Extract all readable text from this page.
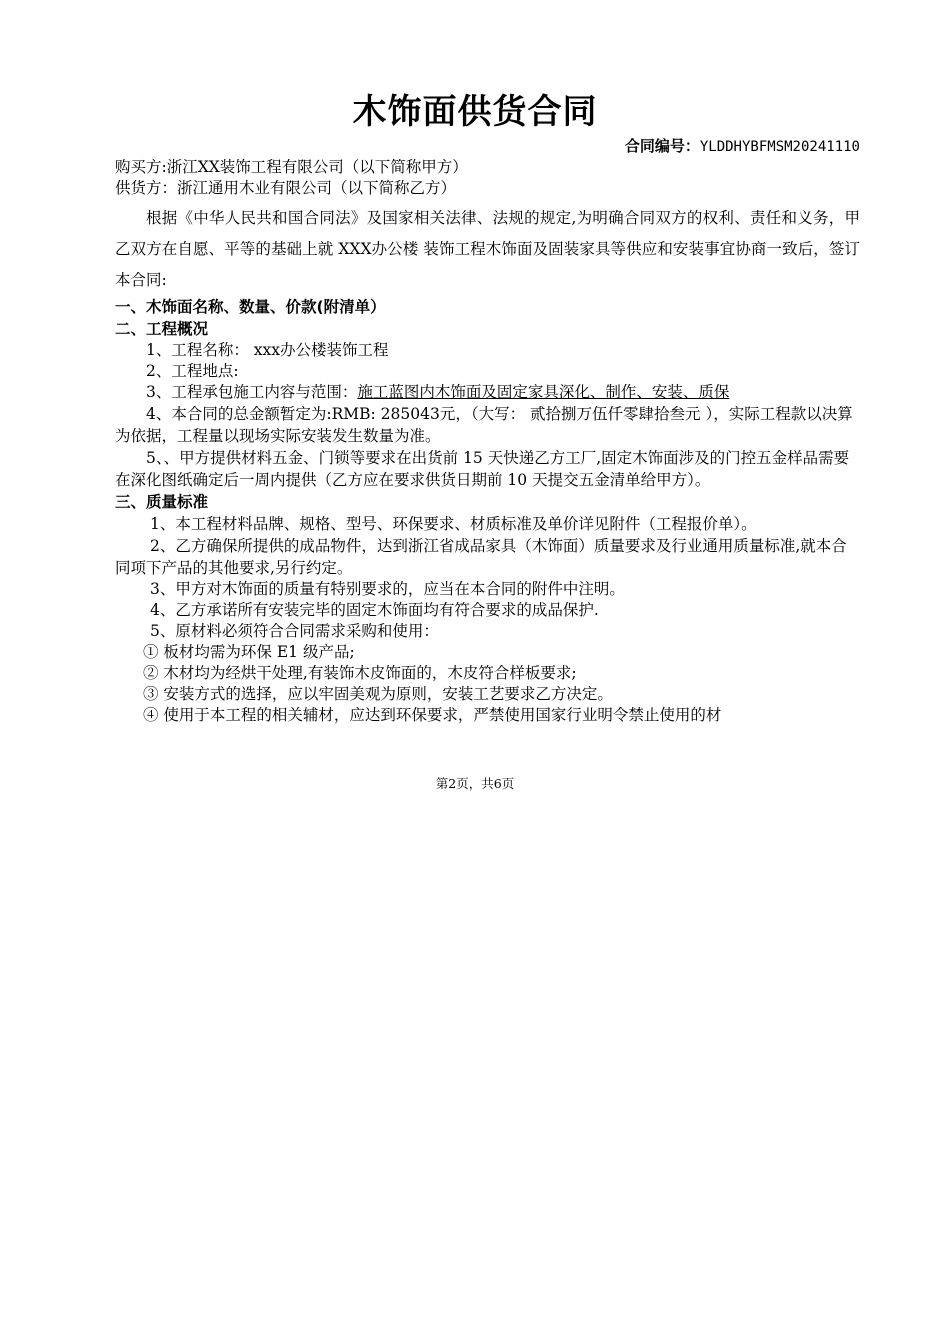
木饰面供货合同
合同编号：YLDDHYBFMSM20241110
购买方:浙江XX装饰工程有限公司（以下简称甲方）
供货方：浙江通用木业有限公司（以下简称乙方）

根据《中华人民共和国合同法》及国家相关法律、法规的规定,为明确合同双方的权利、责任和义务，甲乙双方在自愿、平等的基础上就 XXX办公楼 装饰工程木饰面及固装家具等供应和安装事宜协商一致后，签订本合同:

一、木饰面名称、数量、价款(附清单）
二、工程概况
1、工程名称： xxx办公楼装饰工程
2、工程地点:
3、工程承包施工内容与范围：施工蓝图内木饰面及固定家具深化、制作、安装、质保
4、本合同的总金额暂定为:RMB: 285043元，（大写： 贰拾捌万伍仟零肆拾叁元 ），实际工程款以决算为依据，工程量以现场实际安装发生数量为准。
5、、甲方提供材料五金、门锁等要求在出货前 15 天快递乙方工厂,固定木饰面涉及的门控五金样品需要在深化图纸确定后一周内提供（乙方应在要求供货日期前 10 天提交五金清单给甲方）。
三、质量标准
1、本工程材料品牌、规格、型号、环保要求、材质标准及单价详见附件（工程报价单）。
2、乙方确保所提供的成品物件，达到浙江省成品家具（木饰面）质量要求及行业通用质量标准,就本合同项下产品的其他要求,另行约定。
3、甲方对木饰面的质量有特别要求的，应当在本合同的附件中注明。
4、乙方承诺所有安装完毕的固定木饰面均有符合要求的成品保护.
5、原材料必须符合合同需求采购和使用：
① 板材均需为环保 E1 级产品;
② 木材均为经烘干处理,有装饰木皮饰面的，木皮符合样板要求;
③ 安装方式的选择，应以牢固美观为原则，安装工艺要求乙方决定。
④ 使用于本工程的相关辅材，应达到环保要求，严禁使用国家行业明令禁止使用的材
第2页，共6页
